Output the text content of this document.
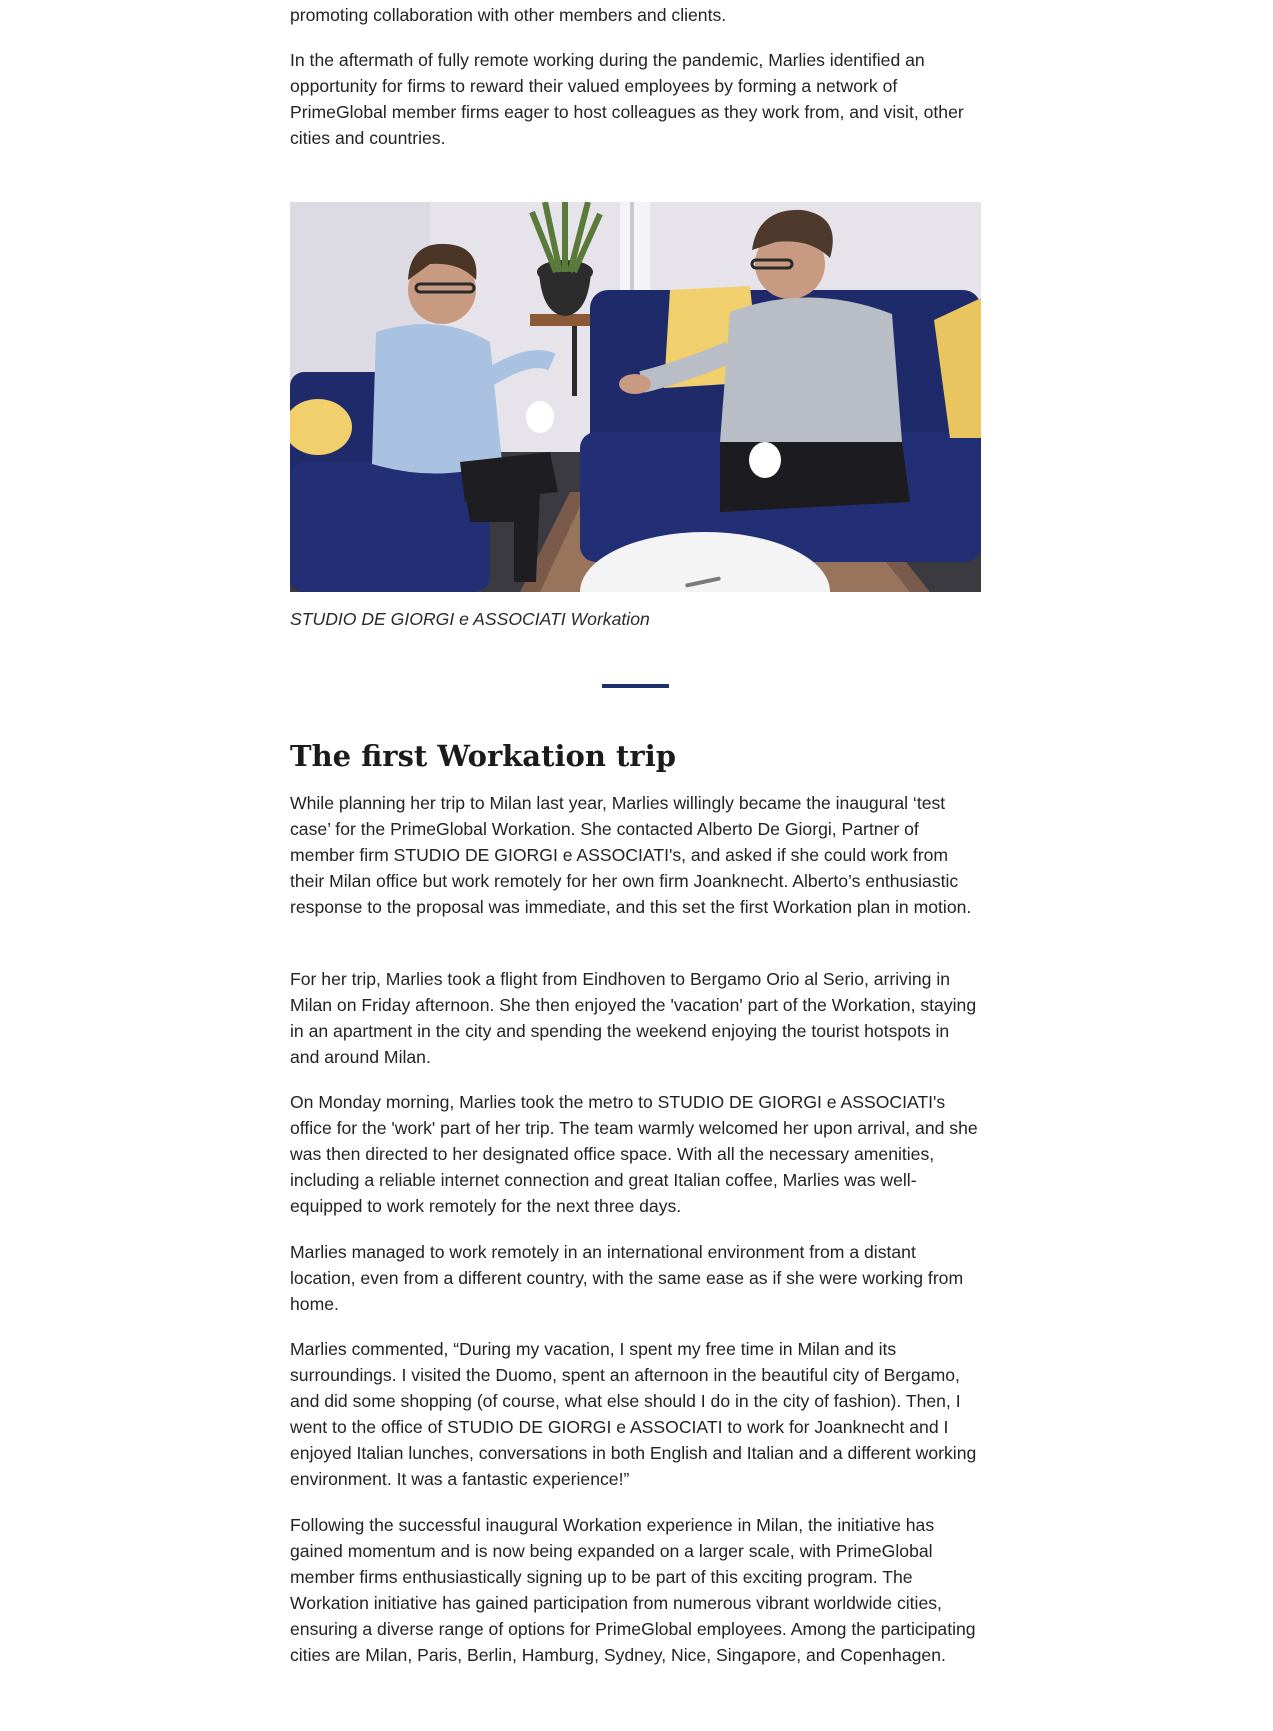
promoting collaboration with other members and clients.

In the aftermath of fully remote working during the pandemic, Marlies identified an opportunity for firms to reward their valued employees by forming a network of PrimeGlobal member firms eager to host colleagues as they work from, and visit, other cities and countries.

STUDIO DE GIORGI e ASSOCIATI Workation
The first Workation trip

While planning her trip to Milan last year, Marlies willingly became the inaugural ‘test case’ for the PrimeGlobal Workation. She contacted Alberto De Giorgi, Partner of member firm STUDIO DE GIORGI e ASSOCIATI's, and asked if she could work from their Milan office but work remotely for her own firm Joanknecht. Alberto’s enthusiastic response to the proposal was immediate, and this set the first Workation plan in motion.

For her trip, Marlies took a flight from Eindhoven to Bergamo Orio al Serio, arriving in Milan on Friday afternoon. She then enjoyed the 'vacation' part of the Workation, staying in an apartment in the city and spending the weekend enjoying the tourist hotspots in and around Milan.

On Monday morning, Marlies took the metro to STUDIO DE GIORGI e ASSOCIATI's office for the 'work' part of her trip. The team warmly welcomed her upon arrival, and she was then directed to her designated office space. With all the necessary amenities, including a reliable internet connection and great Italian coffee, Marlies was well-equipped to work remotely for the next three days.

Marlies managed to work remotely in an international environment from a distant location, even from a different country, with the same ease as if she were working from home.

Marlies commented, “During my vacation, I spent my free time in Milan and its surroundings. I visited the Duomo, spent an afternoon in the beautiful city of Bergamo, and did some shopping (of course, what else should I do in the city of fashion). Then, I went to the office of STUDIO DE GIORGI e ASSOCIATI to work for Joanknecht and I enjoyed Italian lunches, conversations in both English and Italian and a different working environment. It was a fantastic experience!”

Following the successful inaugural Workation experience in Milan, the initiative has gained momentum and is now being expanded on a larger scale, with PrimeGlobal member firms enthusiastically signing up to be part of this exciting program. The Workation initiative has gained participation from numerous vibrant worldwide cities, ensuring a diverse range of options for PrimeGlobal employees. Among the participating cities are Milan, Paris, Berlin, Hamburg, Sydney, Nice, Singapore, and Copenhagen.
